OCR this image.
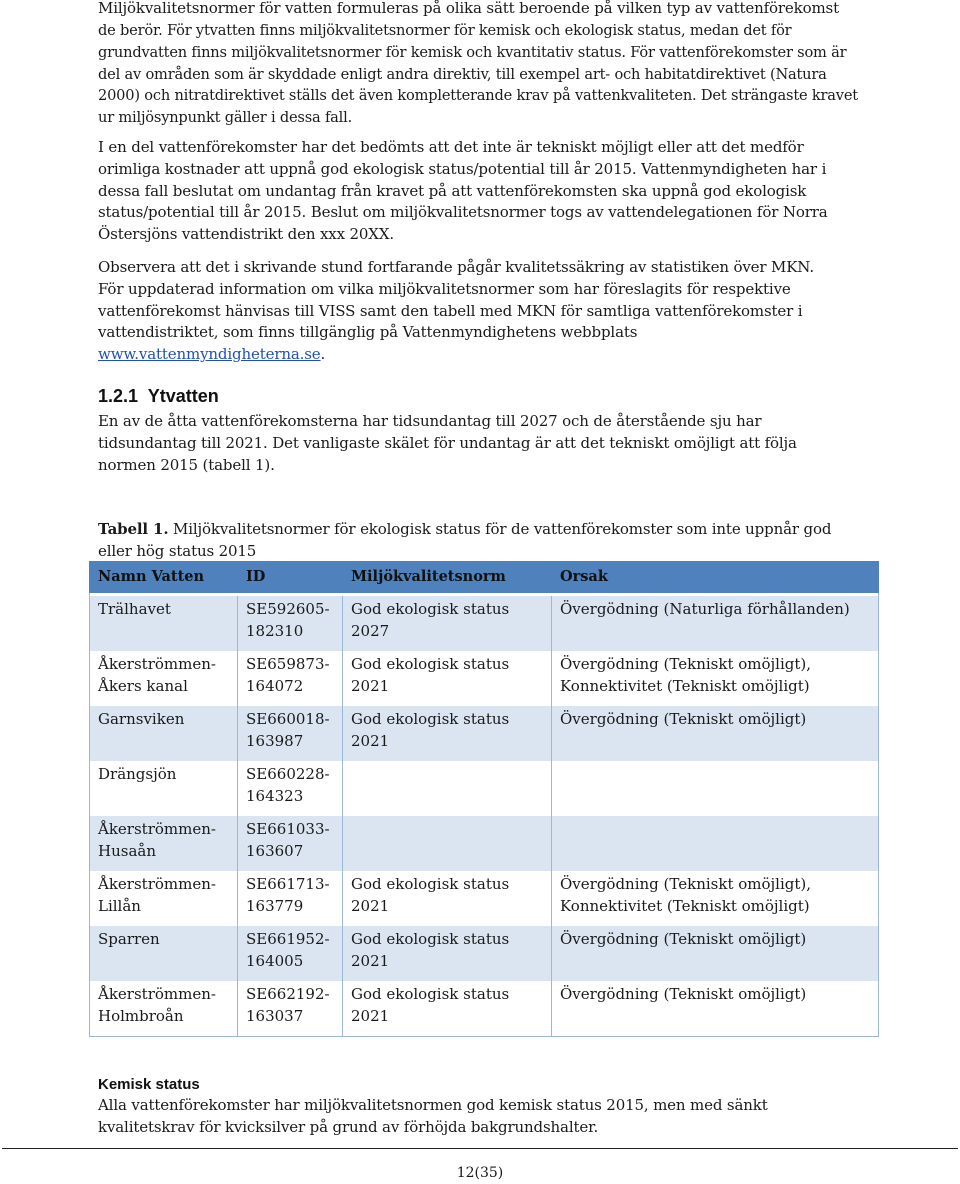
Miljökvalitetsnormer för vatten formuleras på olika sätt beroende på vilken typ av vattenförekomst

de berör. För ytvatten finns miljökvalitetsnormer för kemisk och ekologisk status, medan det för grundvatten finns miljökvalitetsnormer för kemisk och kvantitativ status. För vattenförekomster som är del av områden som är skyddade enligt andra direktiv, till exempel art- och habitatdirektivet (Natura 2000) och nitratdirektivet ställs det även kompletterande krav på vattenkvaliteten. Det strängaste kravet ur miljösynpunkt gäller i dessa fall.

I en del vattenförekomster har det bedömts att det inte är tekniskt möjligt eller att det medför orimliga kostnader att uppnå god ekologisk status/potential till år 2015. Vattenmyndigheten har i dessa fall beslutat om undantag från kravet på att vattenförekomsten ska uppnå god ekologisk status/potential till år 2015. Beslut om miljökvalitetsnormer togs av vattendelegationen för Norra Östersjöns vattendistrikt den xxx 20XX.

Observera att det i skrivande stund fortfarande pågår kvalitetssäkring av statistiken över MKN. För uppdaterad information om vilka miljökvalitetsnormer som har föreslagits för respektive vattenförekomst hänvisas till VISS samt den tabell med MKN för samtliga vattenförekomster i vattendistriktet, som finns tillgänglig på Vattenmyndighetens webbplats www.vattenmyndigheterna.se.

1.2.1  Ytvatten

En av de åtta vattenförekomsterna har tidsundantag till 2027 och de återstående sju har tidsundantag till 2021. Det vanligaste skälet för undantag är att det tekniskt omöjligt att följa normen 2015 (tabell 1).

Tabell 1. Miljökvalitetsnormer för ekologisk status för de vattenförekomster som inte uppnår god eller hög status 2015

Kemisk status

Alla vattenförekomster har miljökvalitetsnormen god kemisk status 2015, men med sänkt kvalitetskrav för kvicksilver på grund av förhöjda bakgrundshalter.

Namn Vatten	ID	Miljökvalitetsnorm	Orsak

Trälhavet	SE592605-182310	God ekologisk status 2027	Övergödning (Naturliga förhållanden)
Åkerströmmen-Åkers kanal	SE659873-164072	God ekologisk status 2021	Övergödning (Tekniskt omöjligt), Konnektivitet (Tekniskt omöjligt)
Garnsviken	SE660018-163987	God ekologisk status 2021	Övergödning (Tekniskt omöjligt)
Drängsjön	SE660228-164323		
Åkerströmmen-Husaån	SE661033-163607		
Åkerströmmen-Lillån	SE661713-163779	God ekologisk status 2021	Övergödning (Tekniskt omöjligt), Konnektivitet (Tekniskt omöjligt)
Sparren	SE661952-164005	God ekologisk status 2021	Övergödning (Tekniskt omöjligt)
Åkerströmmen-Holmbroån	SE662192-163037	God ekologisk status 2021	Övergödning (Tekniskt omöjligt)
12(35)
